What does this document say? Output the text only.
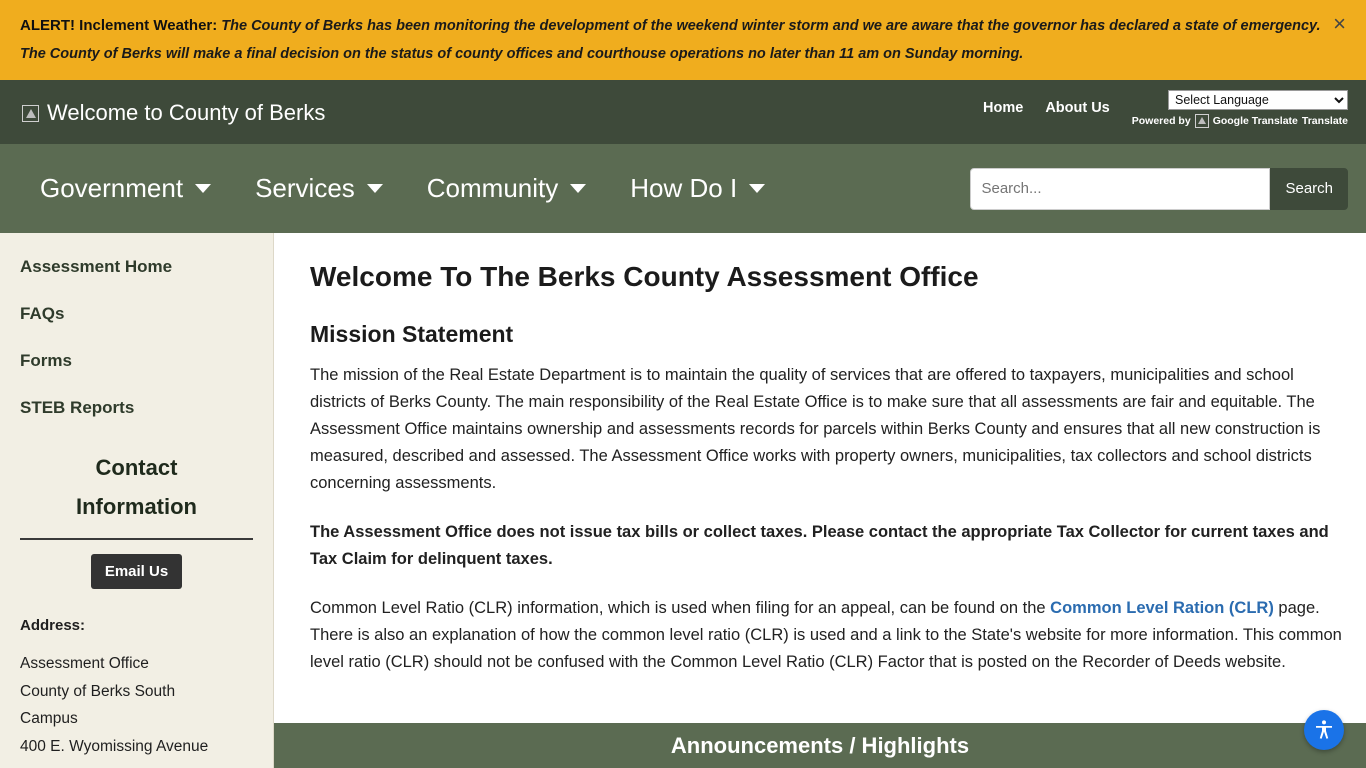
ALERT! Inclement Weather: The County of Berks has been monitoring the development of the weekend winter storm and we are aware that the governor has declared a state of emergency. The County of Berks will make a final decision on the status of county offices and courthouse operations no later than 11 am on Sunday morning.
×
Welcome to County of Berks	Home About Us
Select Language
Powered by Google Translate Translate
Government	Services	Community	How Do I
Search...	Search
Assessment Home
FAQs
Forms
STEB Reports
Contact
Information
Email Us
Address:
Assessment Office
County of Berks South
Campus
400 E. Wyomissing Avenue
Welcome To The Berks County Assessment Office
Mission Statement

The mission of the Real Estate Department is to maintain the quality of services that are offered to taxpayers, municipalities and school districts of Berks County. The main responsibility of the Real Estate Office is to make sure that all assessments are fair and equitable. The Assessment Office maintains ownership and assessments records for parcels within Berks County and ensures that all new construction is measured, described and assessed. The Assessment Office works with property owners, municipalities, tax collectors and school districts concerning assessments.

The Assessment Office does not issue tax bills or collect taxes. Please contact the appropriate Tax Collector for current taxes and Tax Claim for delinquent taxes.

Common Level Ratio (CLR) information, which is used when filing for an appeal, can be found on the Common Level Ration (CLR) page. There is also an explanation of how the common level ratio (CLR) is used and a link to the State's website for more information. This common level ratio (CLR) should not be confused with the Common Level Ratio (CLR) Factor that is posted on the Recorder of Deeds website.

Announcements / Highlights
